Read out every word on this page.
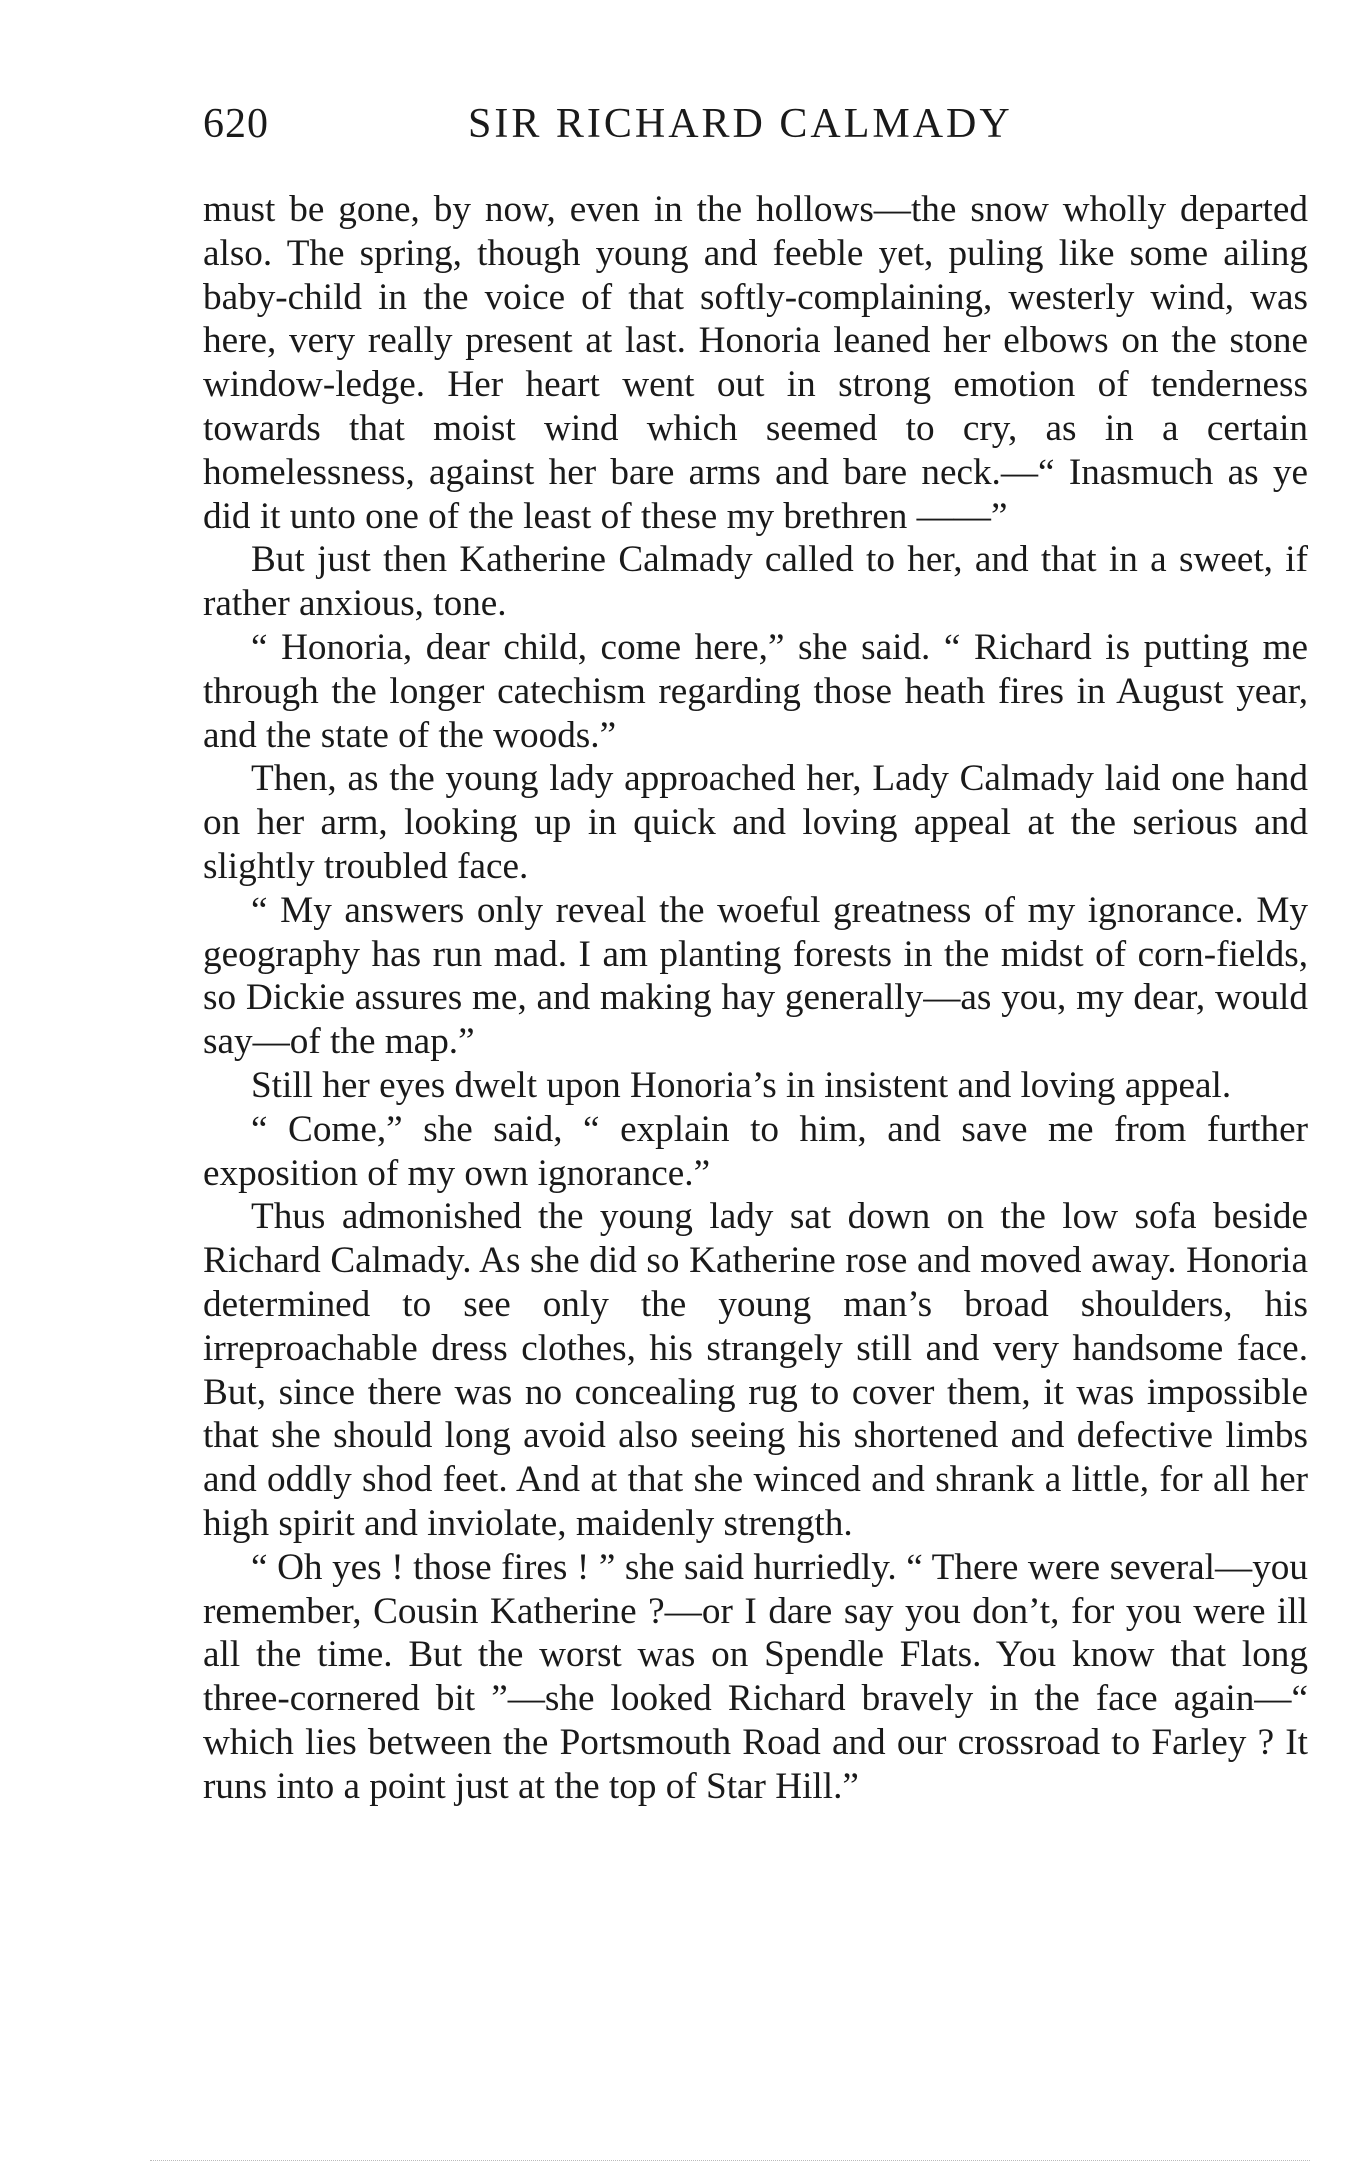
620	SIR RICHARD CALMADY

must be gone, by now, even in the hollows—the snow wholly departed also. The spring, though young and feeble yet, puling like some ailing baby-child in the voice of that softly-complaining, westerly wind, was here, very really present at last. Honoria leaned her elbows on the stone window-ledge. Her heart went out in strong emotion of tenderness towards that moist wind which seemed to cry, as in a certain homelessness, against her bare arms and bare neck.—“ Inasmuch as ye did it unto one of the least of these my brethren ——”

But just then Katherine Calmady called to her, and that in a sweet, if rather anxious, tone.

“ Honoria, dear child, come here,” she said. “ Richard is putting me through the longer catechism regarding those heath fires in August year, and the state of the woods.”

Then, as the young lady approached her, Lady Calmady laid one hand on her arm, looking up in quick and loving appeal at the serious and slightly troubled face.

“ My answers only reveal the woeful greatness of my ignorance. My geography has run mad. I am planting forests in the midst of corn-fields, so Dickie assures me, and making hay generally—as you, my dear, would say—of the map.”

Still her eyes dwelt upon Honoria’s in insistent and loving appeal.

“ Come,” she said, “ explain to him, and save me from further exposition of my own ignorance.”

Thus admonished the young lady sat down on the low sofa beside Richard Calmady. As she did so Katherine rose and moved away. Honoria determined to see only the young man’s broad shoulders, his irreproachable dress clothes, his strangely still and very handsome face. But, since there was no concealing rug to cover them, it was impossible that she should long avoid also seeing his shortened and defective limbs and oddly shod feet. And at that she winced and shrank a little, for all her high spirit and inviolate, maidenly strength.

“ Oh yes ! those fires ! ” she said hurriedly. “ There were several—you remember, Cousin Katherine ?—or I dare say you don’t, for you were ill all the time. But the worst was on Spendle Flats. You know that long three-cornered bit ”—she looked Richard bravely in the face again—“ which lies between the Portsmouth Road and our crossroad to Farley ? It runs into a point just at the top of Star Hill.”
